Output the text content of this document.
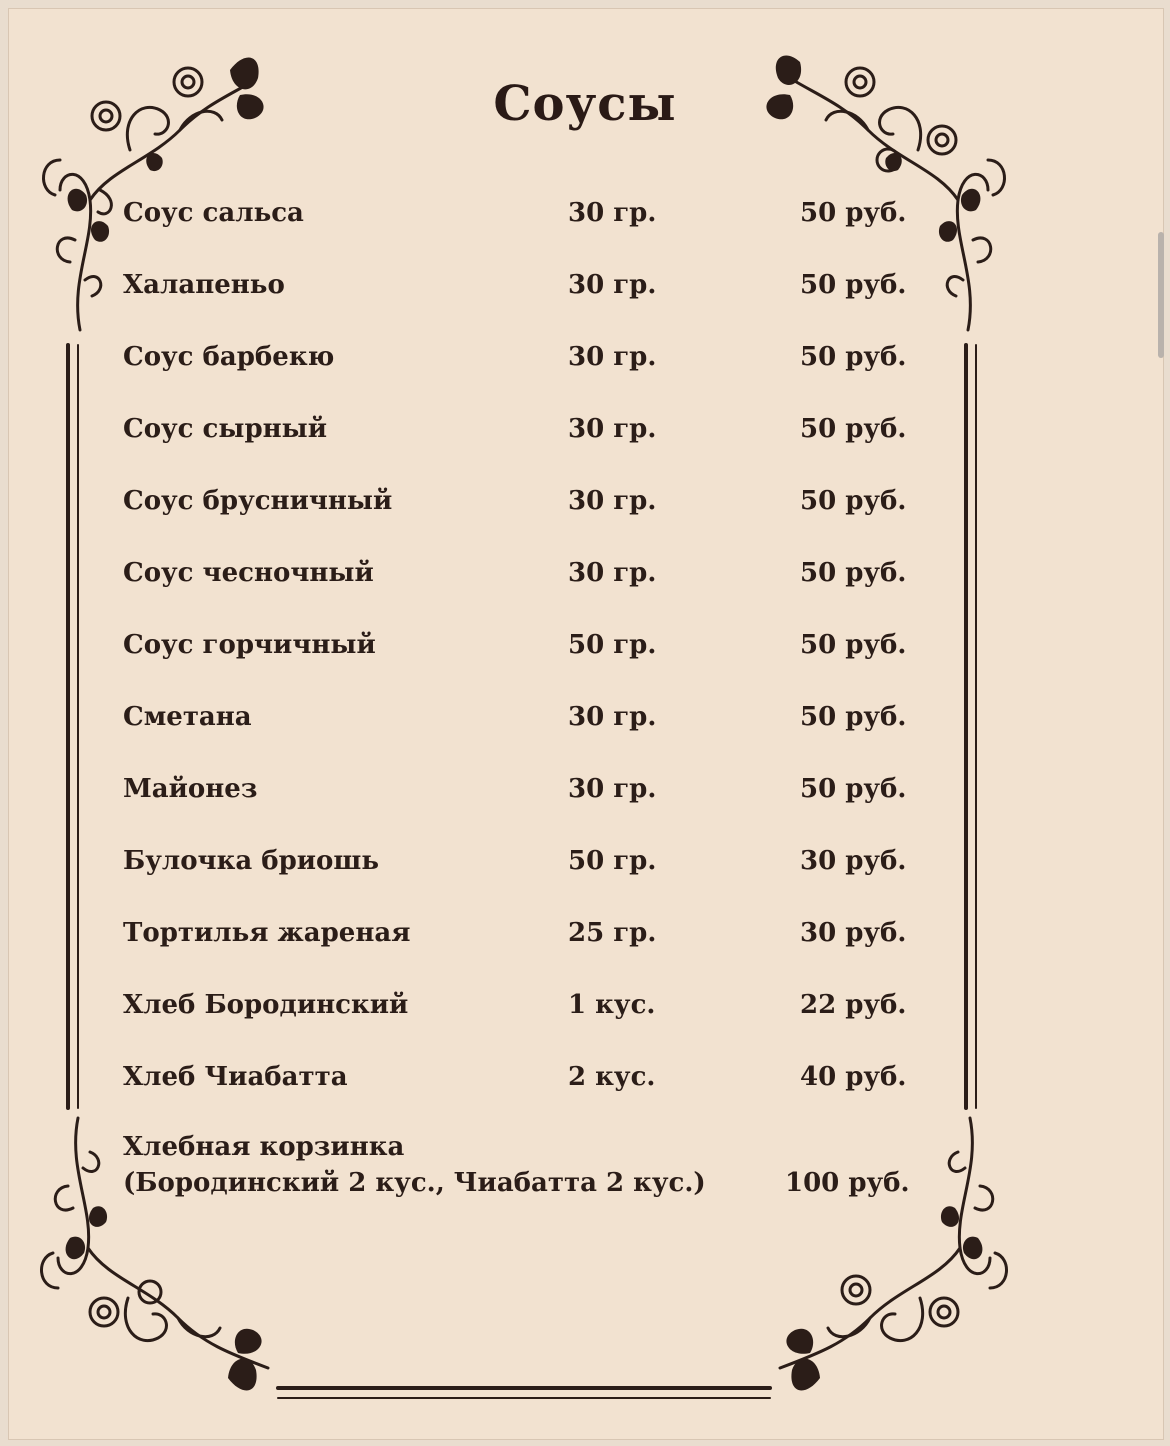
Соусы
Соус сальса	30 гр.	50 руб.
Халапеньо	30 гр.	50 руб.
Соус барбекю	30 гр.	50 руб.
Соус сырный	30 гр.	50 руб.
Соус брусничный	30 гр.	50 руб.
Соус чесночный	30 гр.	50 руб.
Соус горчичный	50 гр.	50 руб.
Сметана	30 гр.	50 руб.
Майонез	30 гр.	50 руб.
Булочка бриошь	50 гр.	30 руб.
Тортилья жареная	25 гр.	30 руб.
Хлеб Бородинский	1 кус.	22 руб.
Хлеб Чиабатта	2 кус.	40 руб.
Хлебная корзинка
(Бородинский 2 кус., Чиабатта 2 кус.)	100 руб.
